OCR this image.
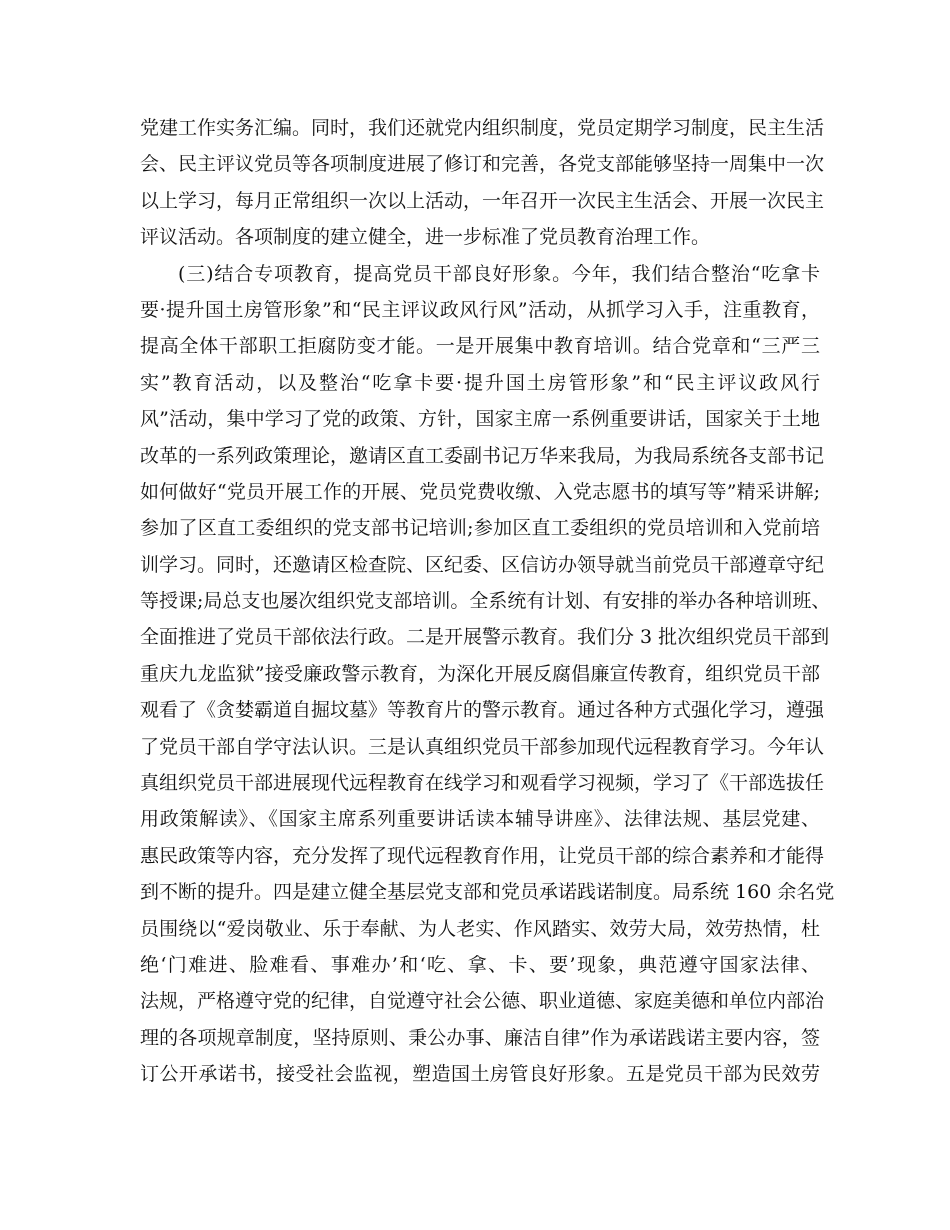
党建工作实务汇编。同时，我们还就党内组织制度，党员定期学习制度，民主生活
会、民主评议党员等各项制度进展了修订和完善，各党支部能够坚持一周集中一次
以上学习，每月正常组织一次以上活动，一年召开一次民主生活会、开展一次民主
评议活动。各项制度的建立健全，进一步标准了党员教育治理工作。
(三)结合专项教育，提高党员干部良好形象。今年，我们结合整治“吃拿卡
要·提升国土房管形象”和“民主评议政风行风”活动，从抓学习入手，注重教育，
提高全体干部职工拒腐防变才能。一是开展集中教育培训。结合党章和“三严三
实”教育活动，以及整治“吃拿卡要·提升国土房管形象”和“民主评议政风行
风”活动，集中学习了党的政策、方针，国家主席一系例重要讲话，国家关于土地
改革的一系列政策理论，邀请区直工委副书记万华来我局，为我局系统各支部书记
如何做好“党员开展工作的开展、党员党费收缴、入党志愿书的填写等”精采讲解;
参加了区直工委组织的党支部书记培训;参加区直工委组织的党员培训和入党前培
训学习。同时，还邀请区检查院、区纪委、区信访办领导就当前党员干部遵章守纪
等授课;局总支也屡次组织党支部培训。全系统有计划、有安排的举办各种培训班、
全面推进了党员干部依法行政。二是开展警示教育。我们分 3 批次组织党员干部到
重庆九龙监狱”接受廉政警示教育，为深化开展反腐倡廉宣传教育，组织党员干部
观看了《贪婪霸道自掘坟墓》等教育片的警示教育。通过各种方式强化学习，遵强
了党员干部自学守法认识。三是认真组织党员干部参加现代远程教育学习。今年认
真组织党员干部进展现代远程教育在线学习和观看学习视频，学习了《干部选拔任
用政策解读》、《国家主席系列重要讲话读本辅导讲座》、法律法规、基层党建、
惠民政策等内容，充分发挥了现代远程教育作用，让党员干部的综合素养和才能得
到不断的提升。四是建立健全基层党支部和党员承诺践诺制度。局系统 160 余名党
员围绕以“爱岗敬业、乐于奉献、为人老实、作风踏实、效劳大局，效劳热情，杜
绝‘门难进、脸难看、事难办’和‘吃、拿、卡、要’现象，典范遵守国家法律、
法规，严格遵守党的纪律，自觉遵守社会公德、职业道德、家庭美德和单位内部治
理的各项规章制度，坚持原则、秉公办事、廉洁自律”作为承诺践诺主要内容，签
订公开承诺书，接受社会监视，塑造国土房管良好形象。五是党员干部为民效劳
